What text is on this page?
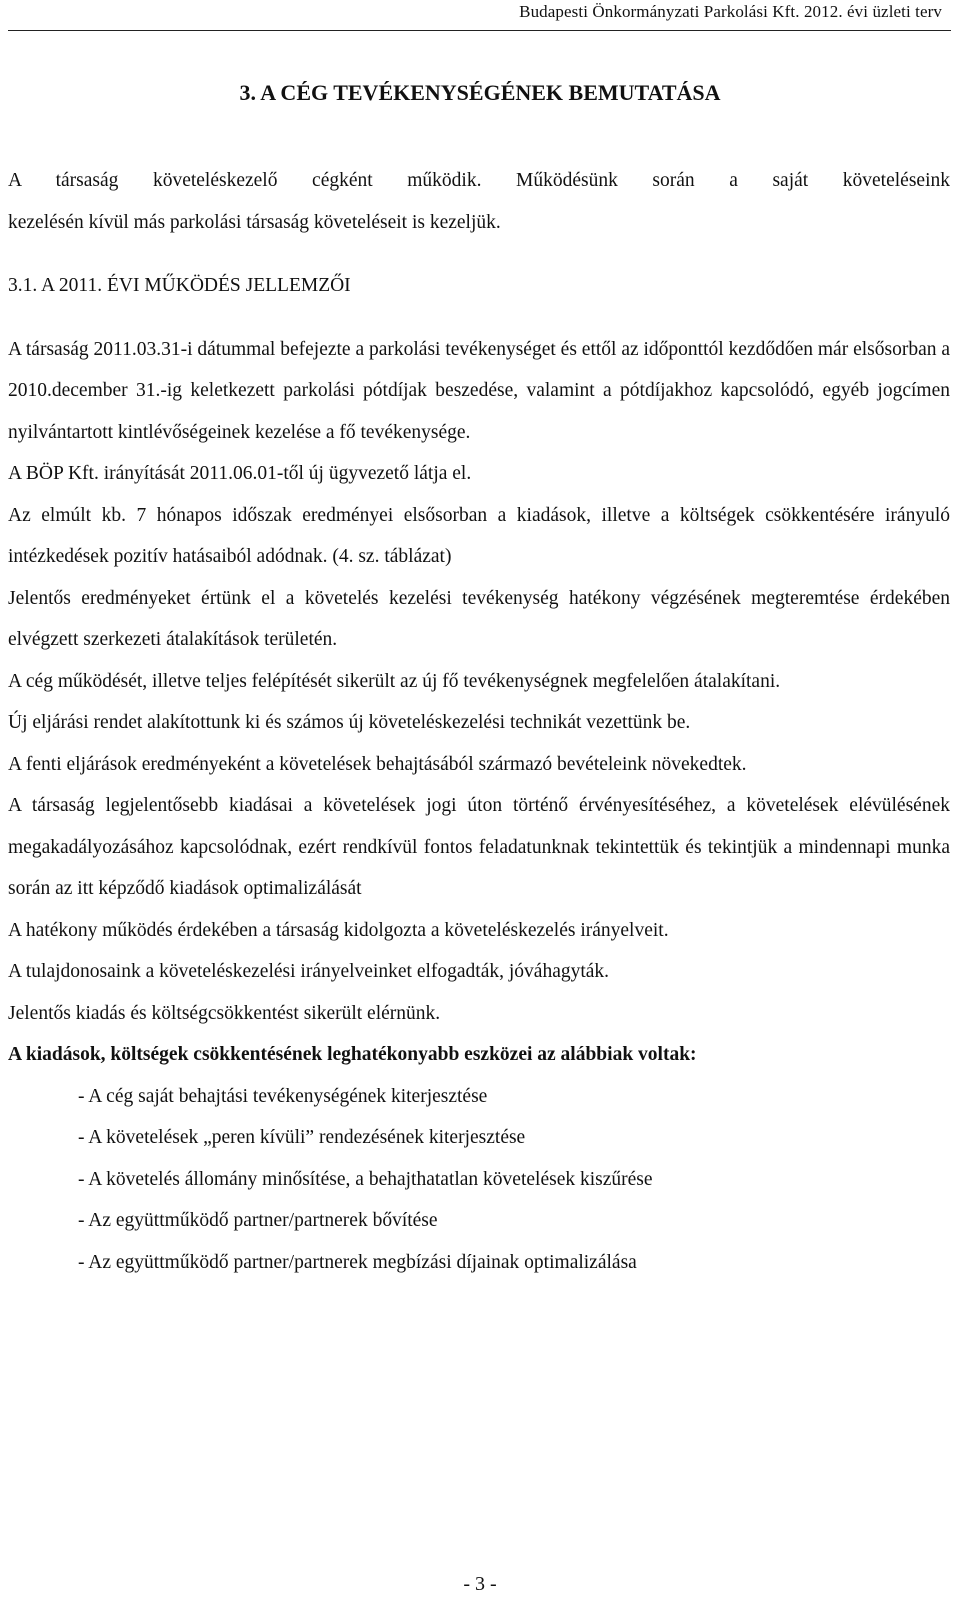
Budapesti Önkormányzati Parkolási Kft. 2012. évi üzleti terv
3. A CÉG TEVÉKENYSÉGÉNEK BEMUTATÁSA

A társaság követeléskezelő cégként működik. Működésünk során a saját követeléseink

kezelésén kívül más parkolási társaság követeléseit is kezeljük.

3.1. A 2011. ÉVI MŰKÖDÉS JELLEMZŐI

A társaság 2011.03.31-i dátummal befejezte a parkolási tevékenységet és ettől az időponttól kezdődően már elsősorban a 2010.december 31.-ig keletkezett parkolási pótdíjak beszedése, valamint a pótdíjakhoz kapcsolódó, egyéb jogcímen nyilvántartott kintlévőségeinek kezelése a fő tevékenysége.

A BÖP Kft. irányítását 2011.06.01-től új ügyvezető látja el.

Az elmúlt kb. 7 hónapos időszak eredményei elsősorban a kiadások, illetve a költségek csökkentésére irányuló intézkedések pozitív hatásaiból adódnak. (4. sz. táblázat)

Jelentős eredményeket értünk el a követelés kezelési tevékenység hatékony végzésének megteremtése érdekében elvégzett szerkezeti átalakítások területén.

A cég működését, illetve teljes felépítését sikerült az új fő tevékenységnek megfelelően átalakítani.

Új eljárási rendet alakítottunk ki és számos új követeléskezelési technikát vezettünk be.

A fenti eljárások eredményeként a követelések behajtásából származó bevételeink növekedtek.

A társaság legjelentősebb kiadásai a követelések jogi úton történő érvényesítéséhez, a követelések elévülésének megakadályozásához kapcsolódnak, ezért rendkívül fontos feladatunknak tekintettük és tekintjük a mindennapi munka során az itt képződő kiadások optimalizálását

A hatékony működés érdekében a társaság kidolgozta a követeléskezelés irányelveit.

A tulajdonosaink a követeléskezelési irányelveinket elfogadták, jóváhagyták.

Jelentős kiadás és költségcsökkentést sikerült elérnünk.

A kiadások, költségek csökkentésének leghatékonyabb eszközei az alábbiak voltak:

- A cég saját behajtási tevékenységének kiterjesztése
- A követelések „peren kívüli” rendezésének kiterjesztése
- A követelés állomány minősítése, a behajthatatlan követelések kiszűrése
- Az együttműködő partner/partnerek bővítése
- Az együttműködő partner/partnerek megbízási díjainak optimalizálása
- 3 -
